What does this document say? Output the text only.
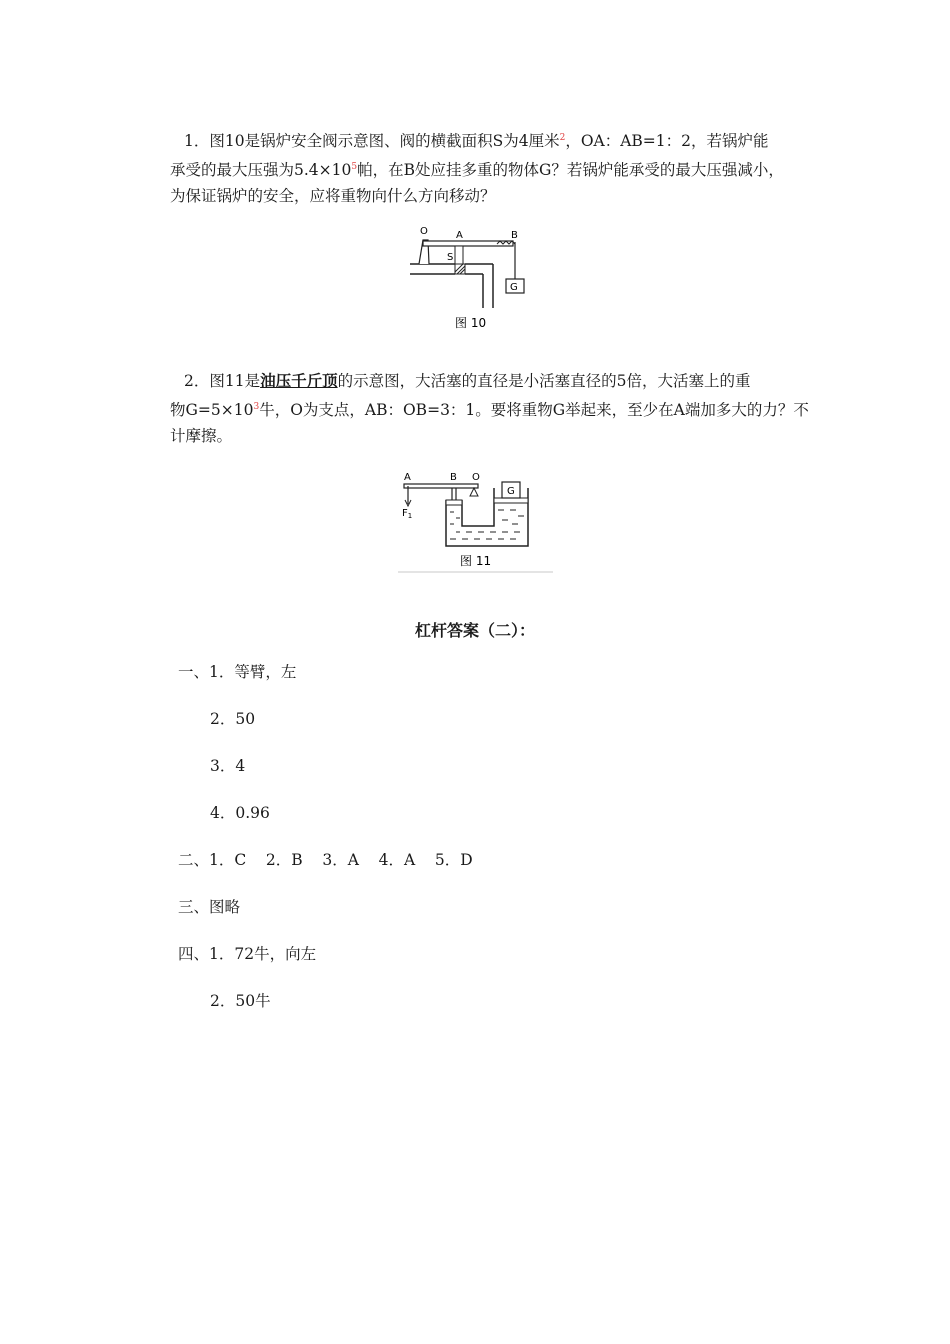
1．图10是锅炉安全阀示意图、阀的横截面积S为4厘米$^2$，OA：AB=1：2，若锅炉能
承受的最大压强为$5.4\times 10^5$帕，在B处应挂多重的物体G？若锅炉能承受的最大压强减小，
为保证锅炉的安全，应将重物向什么方向移动？
O	A	B
S
G
图 10
2．图11是油压千斤顶的示意图，大活塞的直径是小活塞直径的5倍，大活塞上的重
物$G=5\times 10^3$牛，O为支点，AB：OB=3：1。要将重物G举起来，至少在A端加多大的力？不
计摩擦。
A	B O
G
$F_1$
图 11
杠杆答案（二）：
一、1．等臂，左
2．50
3．4
4．0.96
二、1．C    2．B    3．A    4．A    5．D
三、图略
四、1．72牛，向左
2．50牛
